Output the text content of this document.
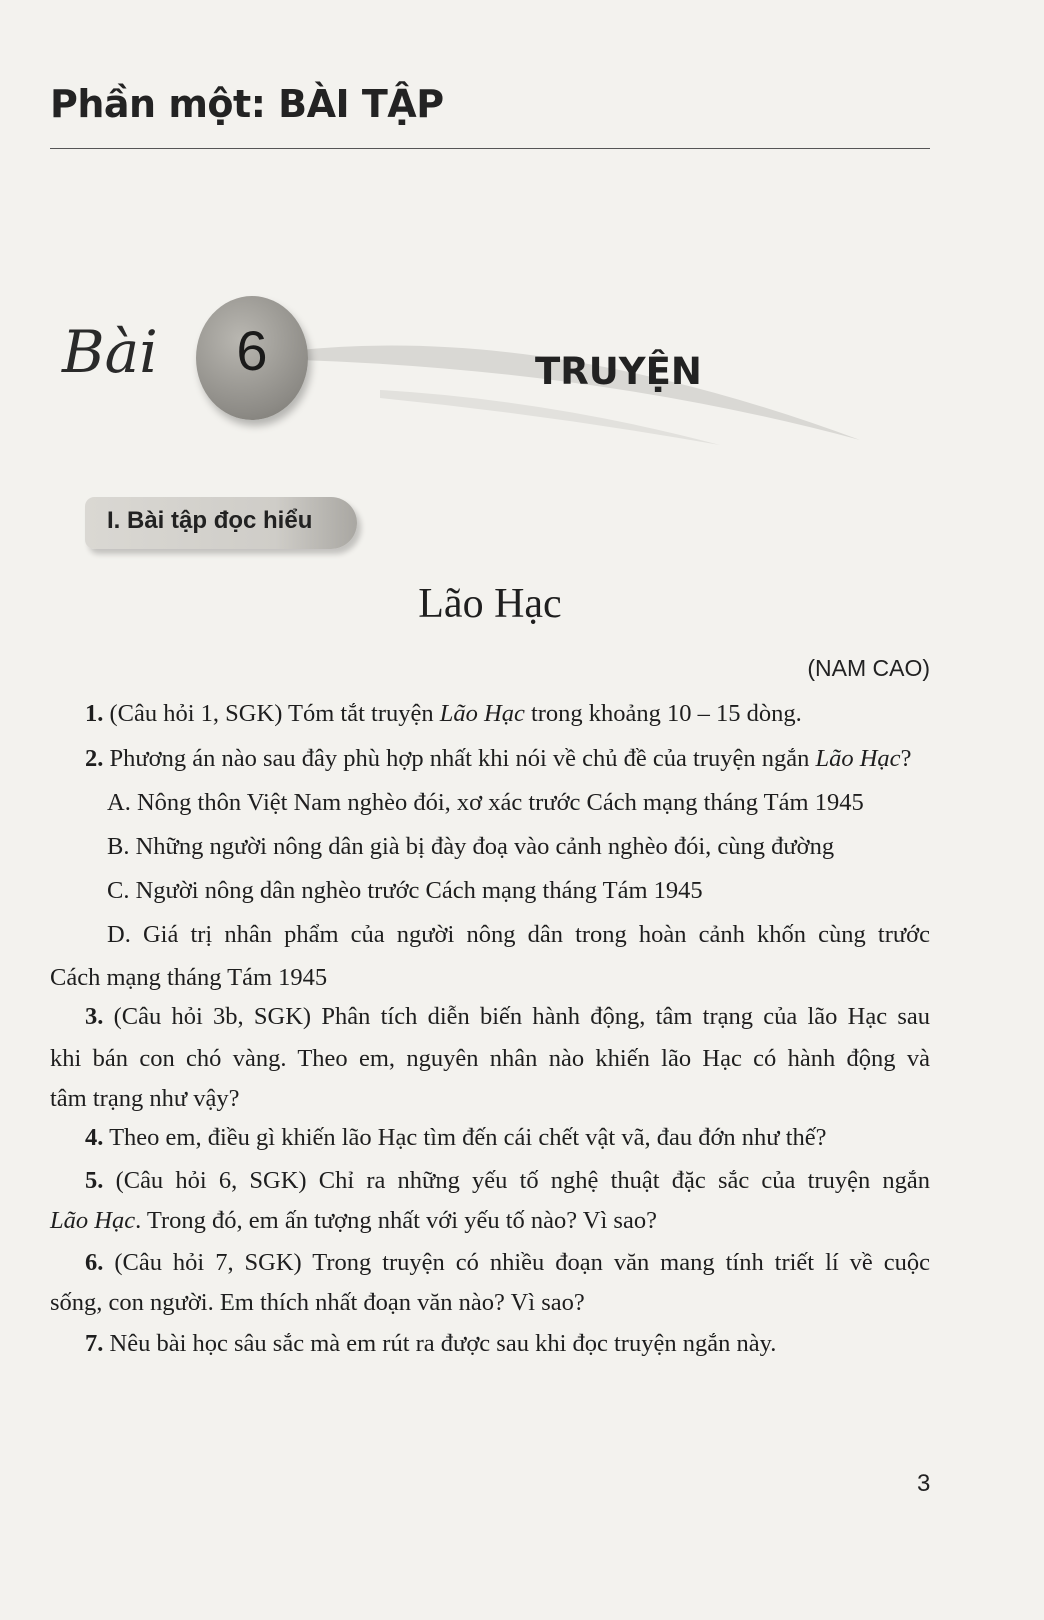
Phần một: BÀI TẬP
Bài	6	TRUYỆN
I. Bài tập đọc hiểu
Lão Hạc
(NAM CAO)
1. (Câu hỏi 1, SGK) Tóm tắt truyện Lão Hạc trong khoảng 10 – 15 dòng.
2. Phương án nào sau đây phù hợp nhất khi nói về chủ đề của truyện ngắn Lão Hạc?
A. Nông thôn Việt Nam nghèo đói, xơ xác trước Cách mạng tháng Tám 1945
B. Những người nông dân già bị đày đoạ vào cảnh nghèo đói, cùng đường
C. Người nông dân nghèo trước Cách mạng tháng Tám 1945
D. Giá trị nhân phẩm của người nông dân trong hoàn cảnh khốn cùng trước
Cách mạng tháng Tám 1945
3. (Câu hỏi 3b, SGK) Phân tích diễn biến hành động, tâm trạng của lão Hạc sau
khi bán con chó vàng. Theo em, nguyên nhân nào khiến lão Hạc có hành động và
tâm trạng như vậy?
4. Theo em, điều gì khiến lão Hạc tìm đến cái chết vật vã, đau đớn như thế?
5. (Câu hỏi 6, SGK) Chỉ ra những yếu tố nghệ thuật đặc sắc của truyện ngắn
Lão Hạc. Trong đó, em ấn tượng nhất với yếu tố nào? Vì sao?
6. (Câu hỏi 7, SGK) Trong truyện có nhiều đoạn văn mang tính triết lí về cuộc
sống, con người. Em thích nhất đoạn văn nào? Vì sao?
7. Nêu bài học sâu sắc mà em rút ra được sau khi đọc truyện ngắn này.
3
